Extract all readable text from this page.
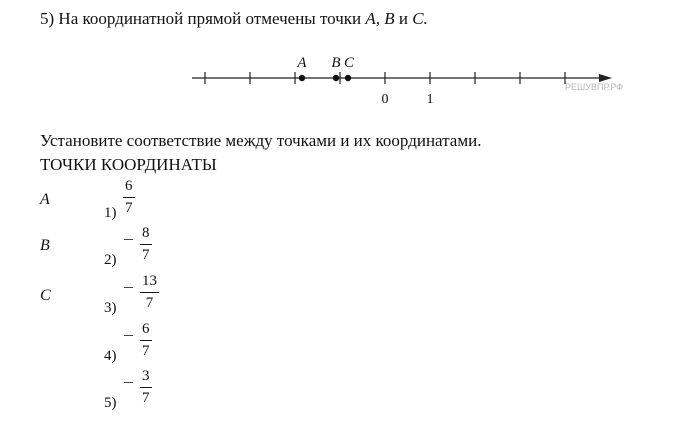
5) На координатной прямой отмечены точки A, B и C.
A B C
0	1
РЕШУВПР.РФ
Установите соответствие между точками и их координатами.
ТОЧКИ КООРДИНАТЫ
A
B
C
1)
6
7
2)
8
7
3)
13
7
4)
6
7
5)
3
7
